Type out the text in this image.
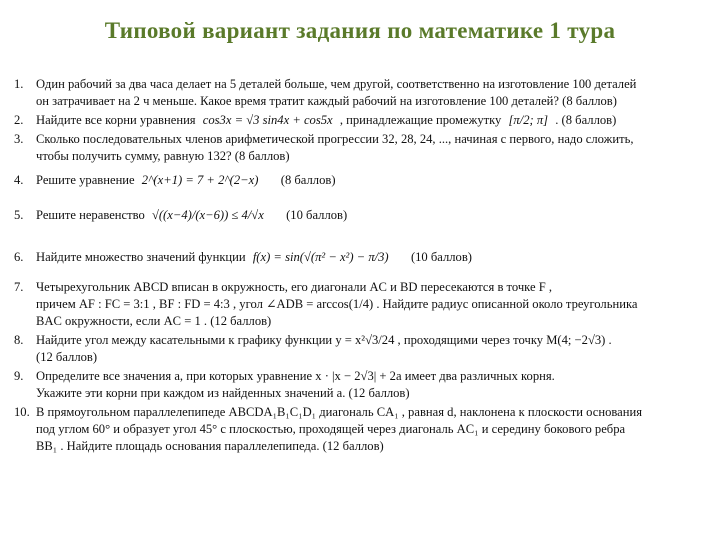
Типовой вариант задания по математике 1 тура
1. Один рабочий за два часа делает на 5 деталей больше, чем другой, соответственно на изготовление 100 деталей
он затрачивает на 2 ч меньше. Какое время тратит каждый рабочий на изготовление 100 деталей? (8 баллов)
2. Найдите все корни уравнения cos3x = √3 sin4x + cos5x , принадлежащие промежутку [π/2; π] . (8 баллов)
3. Сколько последовательных членов арифметической прогрессии 32, 28, 24, ..., начиная с первого, надо сложить,
чтобы получить сумму, равную 132? (8 баллов)
4. Решите уравнение 2^(x+1) = 7 + 2^(2−x) (8 баллов)
5. Решите неравенство √((x−4)/(x−6)) ≤ 4/√x (10 баллов)
6. Найдите множество значений функции f(x) = sin(√(π² − x²) − π/3) (10 баллов)
7. Четырехугольник ABCD вписан в окружность, его диагонали AC и BD пересекаются в точке F ,
причем AF : FC = 3:1 , BF : FD = 4:3 , угол ∠ADB = arccos(1/4) . Найдите радиус описанной около треугольника
BAC окружности, если AC = 1 . (12 баллов)
8. Найдите угол между касательными к графику функции y = x²√3/24 , проходящими через точку M(4; −2√3) .
(12 баллов)
9. Определите все значения a, при которых уравнение x · |x − 2√3| + 2a имеет два различных корня.
Укажите эти корни при каждом из найденных значений a. (12 баллов)
10. В прямоугольном параллелепипеде ABCDA₁B₁C₁D₁ диагональ CA₁ , равная d, наклонена к плоскости основания
под углом 60° и образует угол 45° с плоскостью, проходящей через диагональ AC₁ и середину бокового ребра
BB₁ . Найдите площадь основания параллелепипеда. (12 баллов)
